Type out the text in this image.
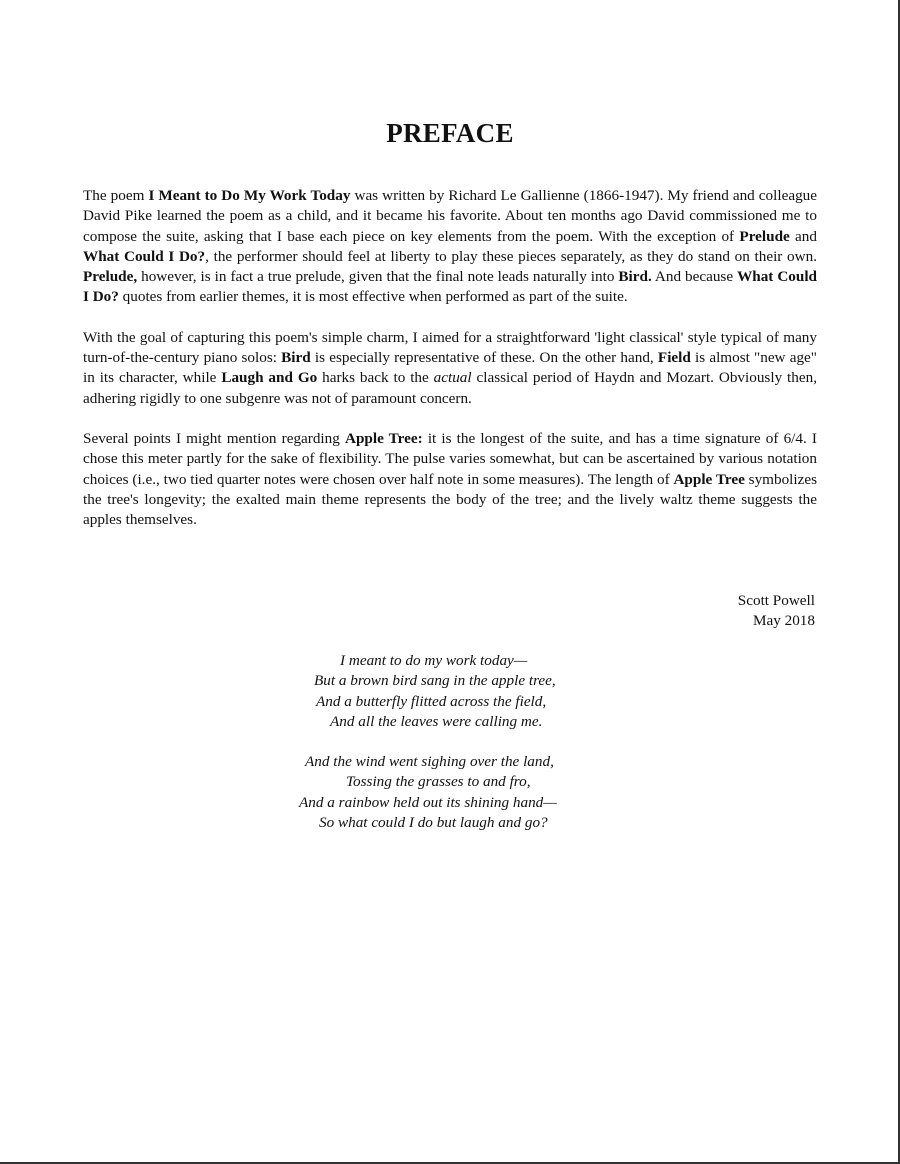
PREFACE

The poem I Meant to Do My Work Today was written by Richard Le Gallienne (1866-1947). My friend and colleague David Pike learned the poem as a child, and it became his favorite. About ten months ago David commissioned me to compose the suite, asking that I base each piece on key elements from the poem. With the exception of Prelude and What Could I Do?, the performer should feel at liberty to play these pieces separately, as they do stand on their own. Prelude, however, is in fact a true prelude, given that the final note leads naturally into Bird. And because What Could I Do? quotes from earlier themes, it is most effective when performed as part of the suite.

With the goal of capturing this poem's simple charm, I aimed for a straightforward 'light classical' style typical of many turn-of-the-century piano solos: Bird is especially representative of these. On the other hand, Field is almost "new age" in its character, while Laugh and Go harks back to the actual classical period of Haydn and Mozart. Obviously then, adhering rigidly to one subgenre was not of paramount concern.

Several points I might mention regarding Apple Tree: it is the longest of the suite, and has a time signature of 6/4. I chose this meter partly for the sake of flexibility. The pulse varies somewhat, but can be ascertained by various notation choices (i.e., two tied quarter notes were chosen over half note in some measures). The length of Apple Tree symbolizes the tree's longevity; the exalted main theme represents the body of the tree; and the lively waltz theme suggests the apples themselves.

Scott Powell
May 2018
I meant to do my work today—
But a brown bird sang in the apple tree,
And a butterfly flitted across the field,
And all the leaves were calling me.
And the wind went sighing over the land,
Tossing the grasses to and fro,
And a rainbow held out its shining hand—
So what could I do but laugh and go?
